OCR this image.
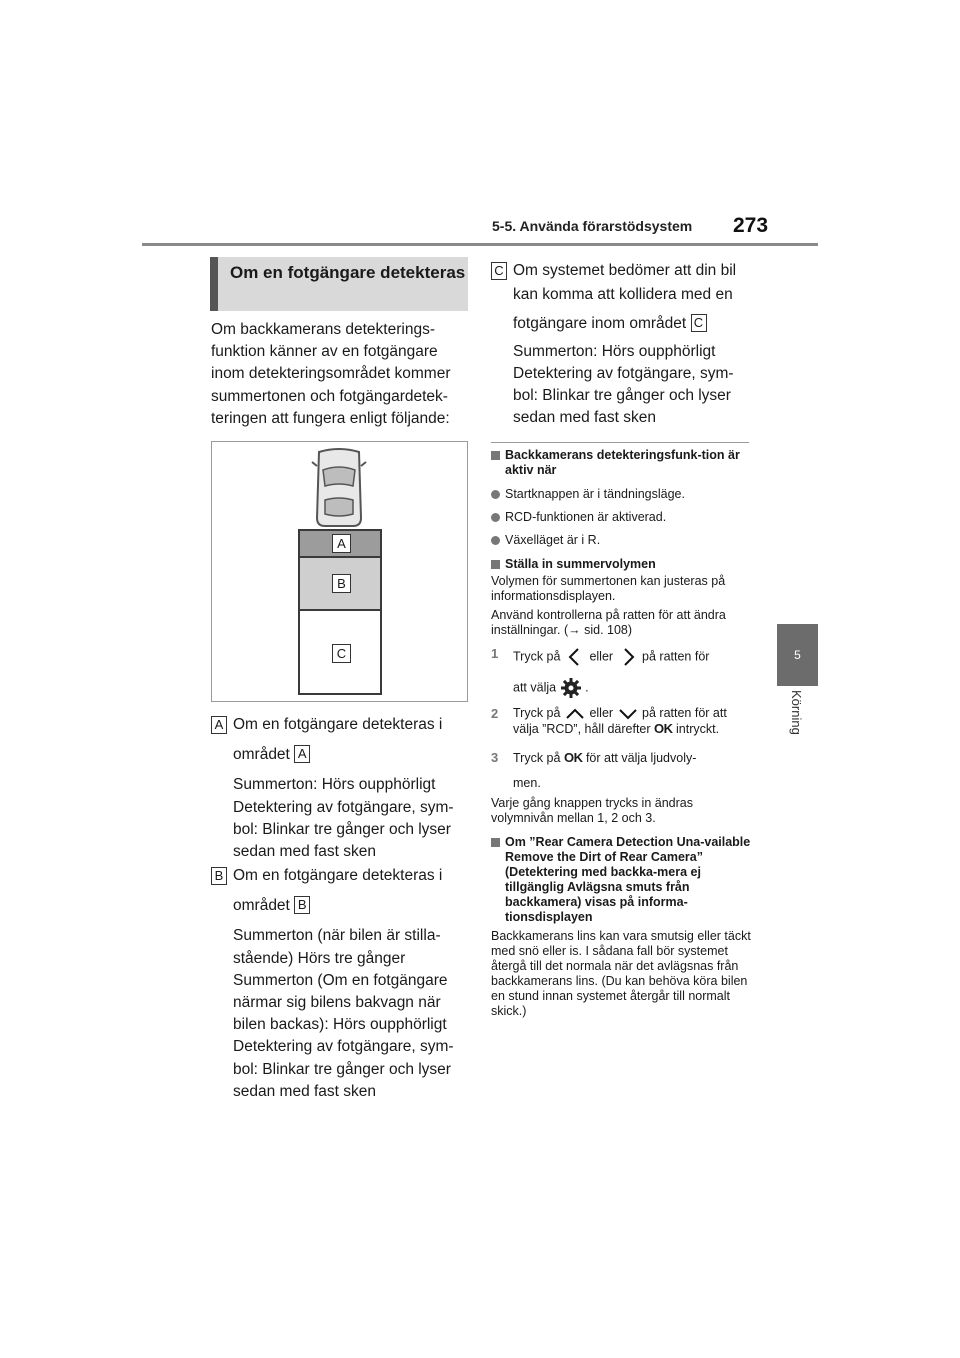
5-5. Använda förarstödsystem 273
5
Körning
Om en fotgängare detekteras
Om backkamerans detekterings-funktion känner av en fotgängare inom detekteringsområdet kommer summertonen och fotgängardetek-teringen att fungera enligt följande:
C
B
A
A Om en fotgängare detekteras i
området A
Summerton: Hörs oupphörligt
Detektering av fotgängare, sym-bol: Blinkar tre gånger och lyser sedan med fast sken
B Om en fotgängare detekteras i
området B
Summerton (när bilen är stilla-stående) Hörs tre gånger
Summerton (Om en fotgängare närmar sig bilens bakvagn när bilen backas): Hörs oupphörligt
Detektering av fotgängare, sym-bol: Blinkar tre gånger och lyser sedan med fast sken
C Om systemet bedömer att din bil
kan komma att kollidera med en
fotgängare inom området C
Summerton: Hörs oupphörligt
Detektering av fotgängare, sym-bol: Blinkar tre gånger och lyser sedan med fast sken
Backkamerans detekteringsfunk-tion är aktiv när
Startknappen är i tändningsläge.
RCD-funktionen är aktiverad.
Växelläget är i R.
Ställa in summervolymen
Volymen för summertonen kan justeras på informationsdisplayen.
Använd kontrollerna på ratten för att ändra inställningar. (→ sid. 108)
1 Tryck på eller på ratten för
att välja .
2 Tryck på eller på ratten för att välja ”RCD”, håll därefter OK intryckt.
3 Tryck på OK för att välja ljudvoly-
men.
Varje gång knappen trycks in ändras volymnivån mellan 1, 2 och 3.
Om ”Rear Camera Detection Una-vailable Remove the Dirt of Rear Camera” (Detektering med backka-mera ej tillgänglig Avlägsna smuts från backkamera) visas på informa-tionsdisplayen
Backkamerans lins kan vara smutsig eller täckt med snö eller is. I sådana fall bör systemet återgå till det normala när det avlägsnas från backkamerans lins. (Du kan behöva köra bilen en stund innan systemet återgår till normalt skick.)
